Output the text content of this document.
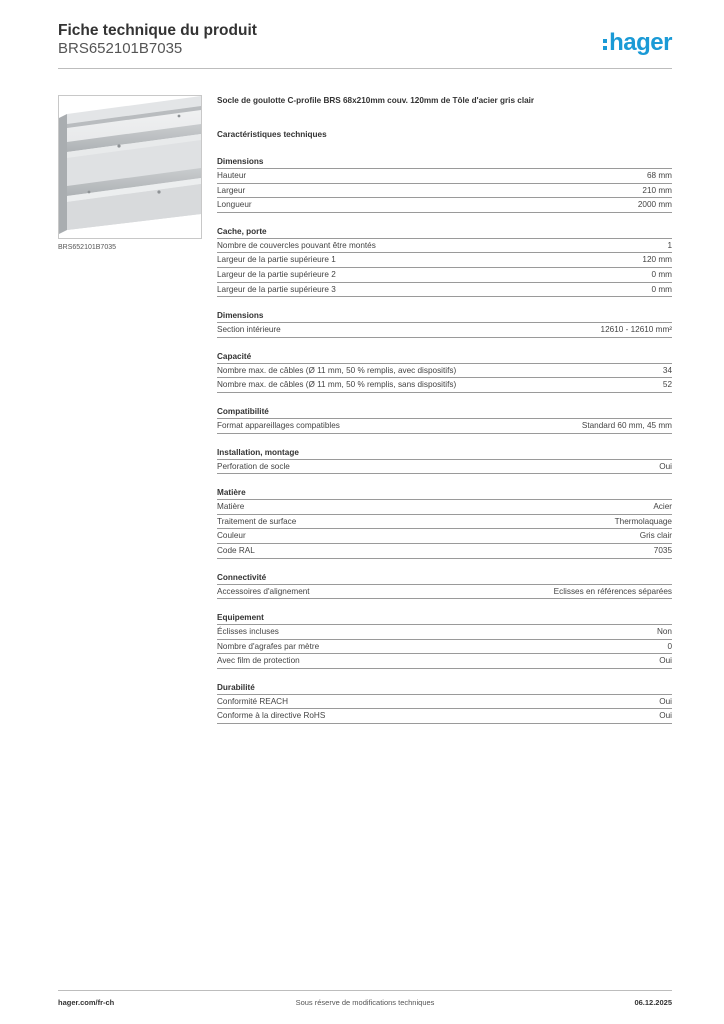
Fiche technique du produit
BRS652101B7035	hager
BRS652101B7035
Socle de goulotte C-profile BRS 68x210mm couv. 120mm de Tôle d'acier gris clair
Caractéristiques techniques
Dimensions
Hauteur	68 mm
Largeur	210 mm
Longueur	2000 mm
Cache, porte
Nombre de couvercles pouvant être montés	1
Largeur de la partie supérieure 1	120 mm
Largeur de la partie supérieure 2	0 mm
Largeur de la partie supérieure 3	0 mm
Dimensions
Section intérieure	12610 - 12610 mm²
Capacité
Nombre max. de câbles (Ø 11 mm, 50 % remplis, avec dispositifs)	34
Nombre max. de câbles (Ø 11 mm, 50 % remplis, sans dispositifs)	52
Compatibilité
Format appareillages compatibles	Standard 60 mm, 45 mm
Installation, montage
Perforation de socle	Oui
Matière
Matière	Acier
Traitement de surface	Thermolaquage
Couleur	Gris clair
Code RAL	7035
Connectivité
Accessoires d'alignement	Eclisses en références séparées
Equipement
Éclisses incluses	Non
Nombre d'agrafes par mètre	0
Avec film de protection	Oui
Durabilité
Conformité REACH	Oui
Conforme à la directive RoHS	Oui
hager.com/fr-ch	Sous réserve de modifications techniques	06.12.2025
